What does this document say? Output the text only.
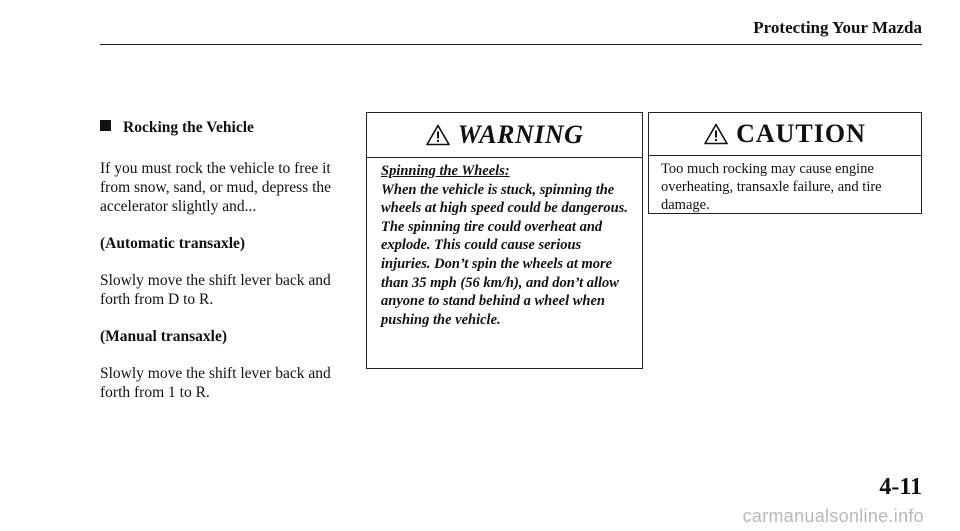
Protecting Your Mazda
Rocking the Vehicle

If you must rock the vehicle to free it from snow, sand, or mud, depress the accelerator slightly and...

(Automatic transaxle)

Slowly move the shift lever back and forth from D to R.

(Manual transaxle)

Slowly move the shift lever back and forth from 1 to R.

WARNING
Spinning the Wheels:
When the vehicle is stuck, spinning the wheels at high speed could be dangerous. The spinning tire could overheat and explode. This could cause serious injuries. Don’t spin the wheels at more than 35 mph (56 km/h), and don’t allow anyone to stand behind a wheel when pushing the vehicle.
CAUTION
Too much rocking may cause engine overheating, transaxle failure, and tire damage.
4-11
carmanualsonline.info
